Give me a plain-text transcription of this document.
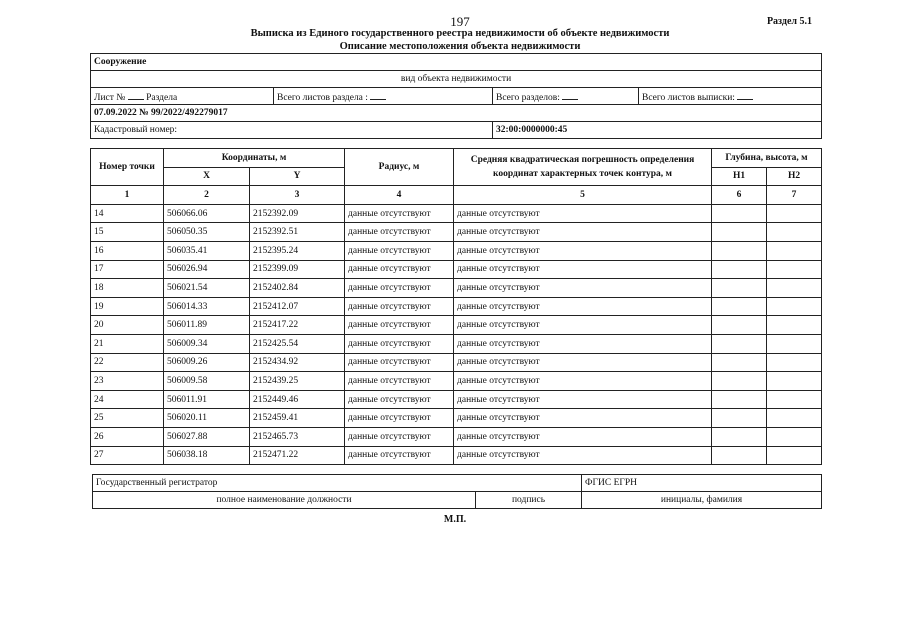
197	Раздел 5.1
Выписка из Единого государственного реестра недвижимости об объекте недвижимости
Описание местоположения объекта недвижимости
Сооружение			
вид объекта недвижимости			
Лист № Раздела	Всего листов раздела :	Всего разделов:	Всего листов выписки:
07.09.2022 № 99/2022/492279017			
Кадастровый номер:		32:00:0000000:45	
Номер точки	Координаты, м		Радиус, м	Средняя квадратическая погрешность определения координат характерных точек контура, м	Глубина, высота, м	
	X	Y			H1	H2
1	2	3	4	5	6	7
14	506066.06	2152392.09	данные отсутствуют	данные отсутствуют		
15	506050.35	2152392.51	данные отсутствуют	данные отсутствуют		
16	506035.41	2152395.24	данные отсутствуют	данные отсутствуют		
17	506026.94	2152399.09	данные отсутствуют	данные отсутствуют		
18	506021.54	2152402.84	данные отсутствуют	данные отсутствуют		
19	506014.33	2152412.07	данные отсутствуют	данные отсутствуют		
20	506011.89	2152417.22	данные отсутствуют	данные отсутствуют		
21	506009.34	2152425.54	данные отсутствуют	данные отсутствуют		
22	506009.26	2152434.92	данные отсутствуют	данные отсутствуют		
23	506009.58	2152439.25	данные отсутствуют	данные отсутствуют		
24	506011.91	2152449.46	данные отсутствуют	данные отсутствуют		
25	506020.11	2152459.41	данные отсутствуют	данные отсутствуют		
26	506027.88	2152465.73	данные отсутствуют	данные отсутствуют		
27	506038.18	2152471.22	данные отсутствуют	данные отсутствуют		
Государственный регистратор		ФГИС ЕГРН
полное наименование должности	подпись	инициалы, фамилия
М.П.
